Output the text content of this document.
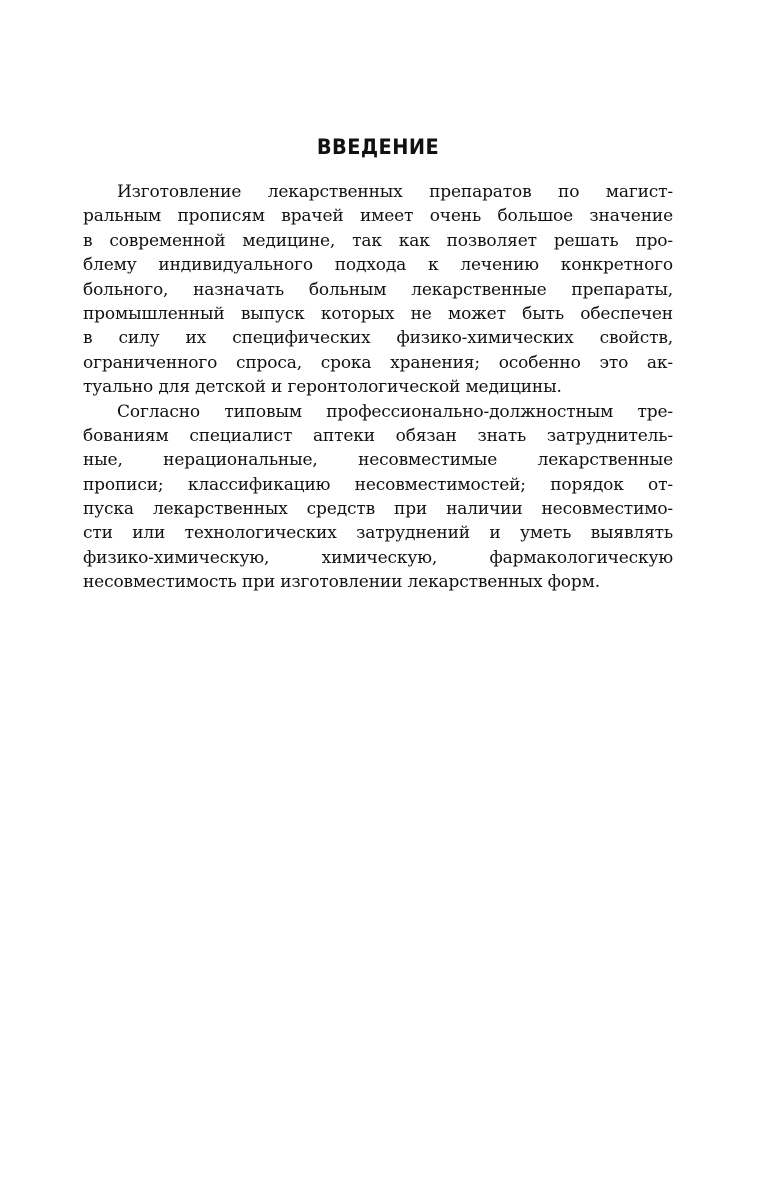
ВВЕДЕНИЕ
Изготовление лекарственных препаратов по магист-
ральным прописям врачей имеет очень большое значение
в современной медицине, так как позволяет решать про-
блему индивидуального подхода к лечению конкретного
больного, назначать больным лекарственные препараты,
промышленный выпуск которых не может быть обеспечен
в силу их специфических физико-химических свойств,
ограниченного спроса, срока хранения; особенно это ак-
туально для детской и геронтологической медицины.
Согласно типовым профессионально-должностным тре-
бованиям специалист аптеки обязан знать затруднитель-
ные, нерациональные, несовместимые лекарственные
прописи; классификацию несовместимостей; порядок от-
пуска лекарственных средств при наличии несовместимо-
сти или технологических затруднений и уметь выявлять
физико-химическую, химическую, фармакологическую
несовместимость при изготовлении лекарственных форм.
